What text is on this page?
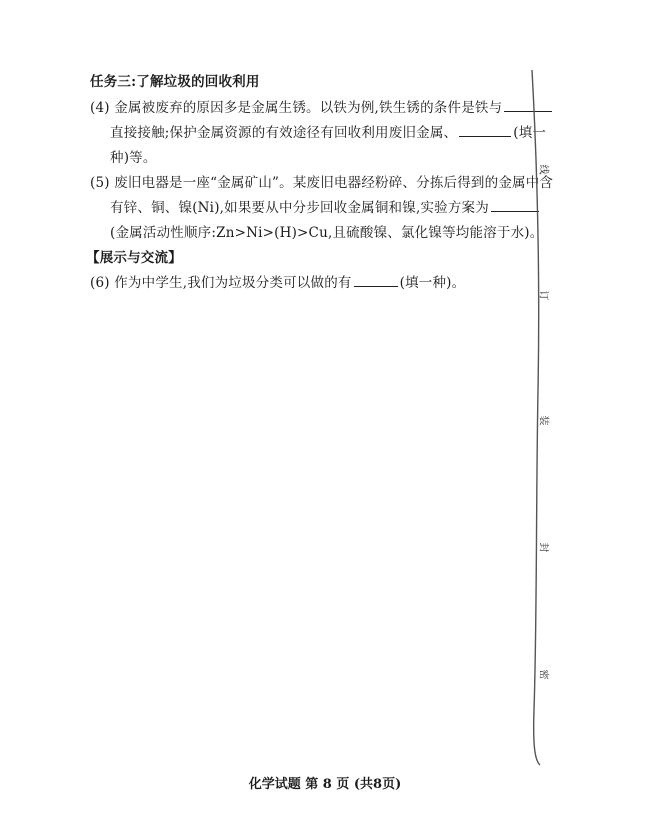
任务三:了解垃圾的回收利用
(4) 金属被废弃的原因多是金属生锈。以铁为例,铁生锈的条件是铁与
直接接触;保护金属资源的有效途径有回收利用废旧金属、	(填一
种)等。
(5) 废旧电器是一座“金属矿山”。某废旧电器经粉碎、分拣后得到的金属中含
有锌、铜、镍(Ni),如果要从中分步回收金属铜和镍,实验方案为
(金属活动性顺序:Zn>Ni>(H)>Cu,且硫酸镍、氯化镍等均能溶于水)。
【展示与交流】
(6) 作为中学生,我们为垃圾分类可以做的有	(填一种)。
线
订
装
封
密
化学试题 第 8 页 (共8页)
